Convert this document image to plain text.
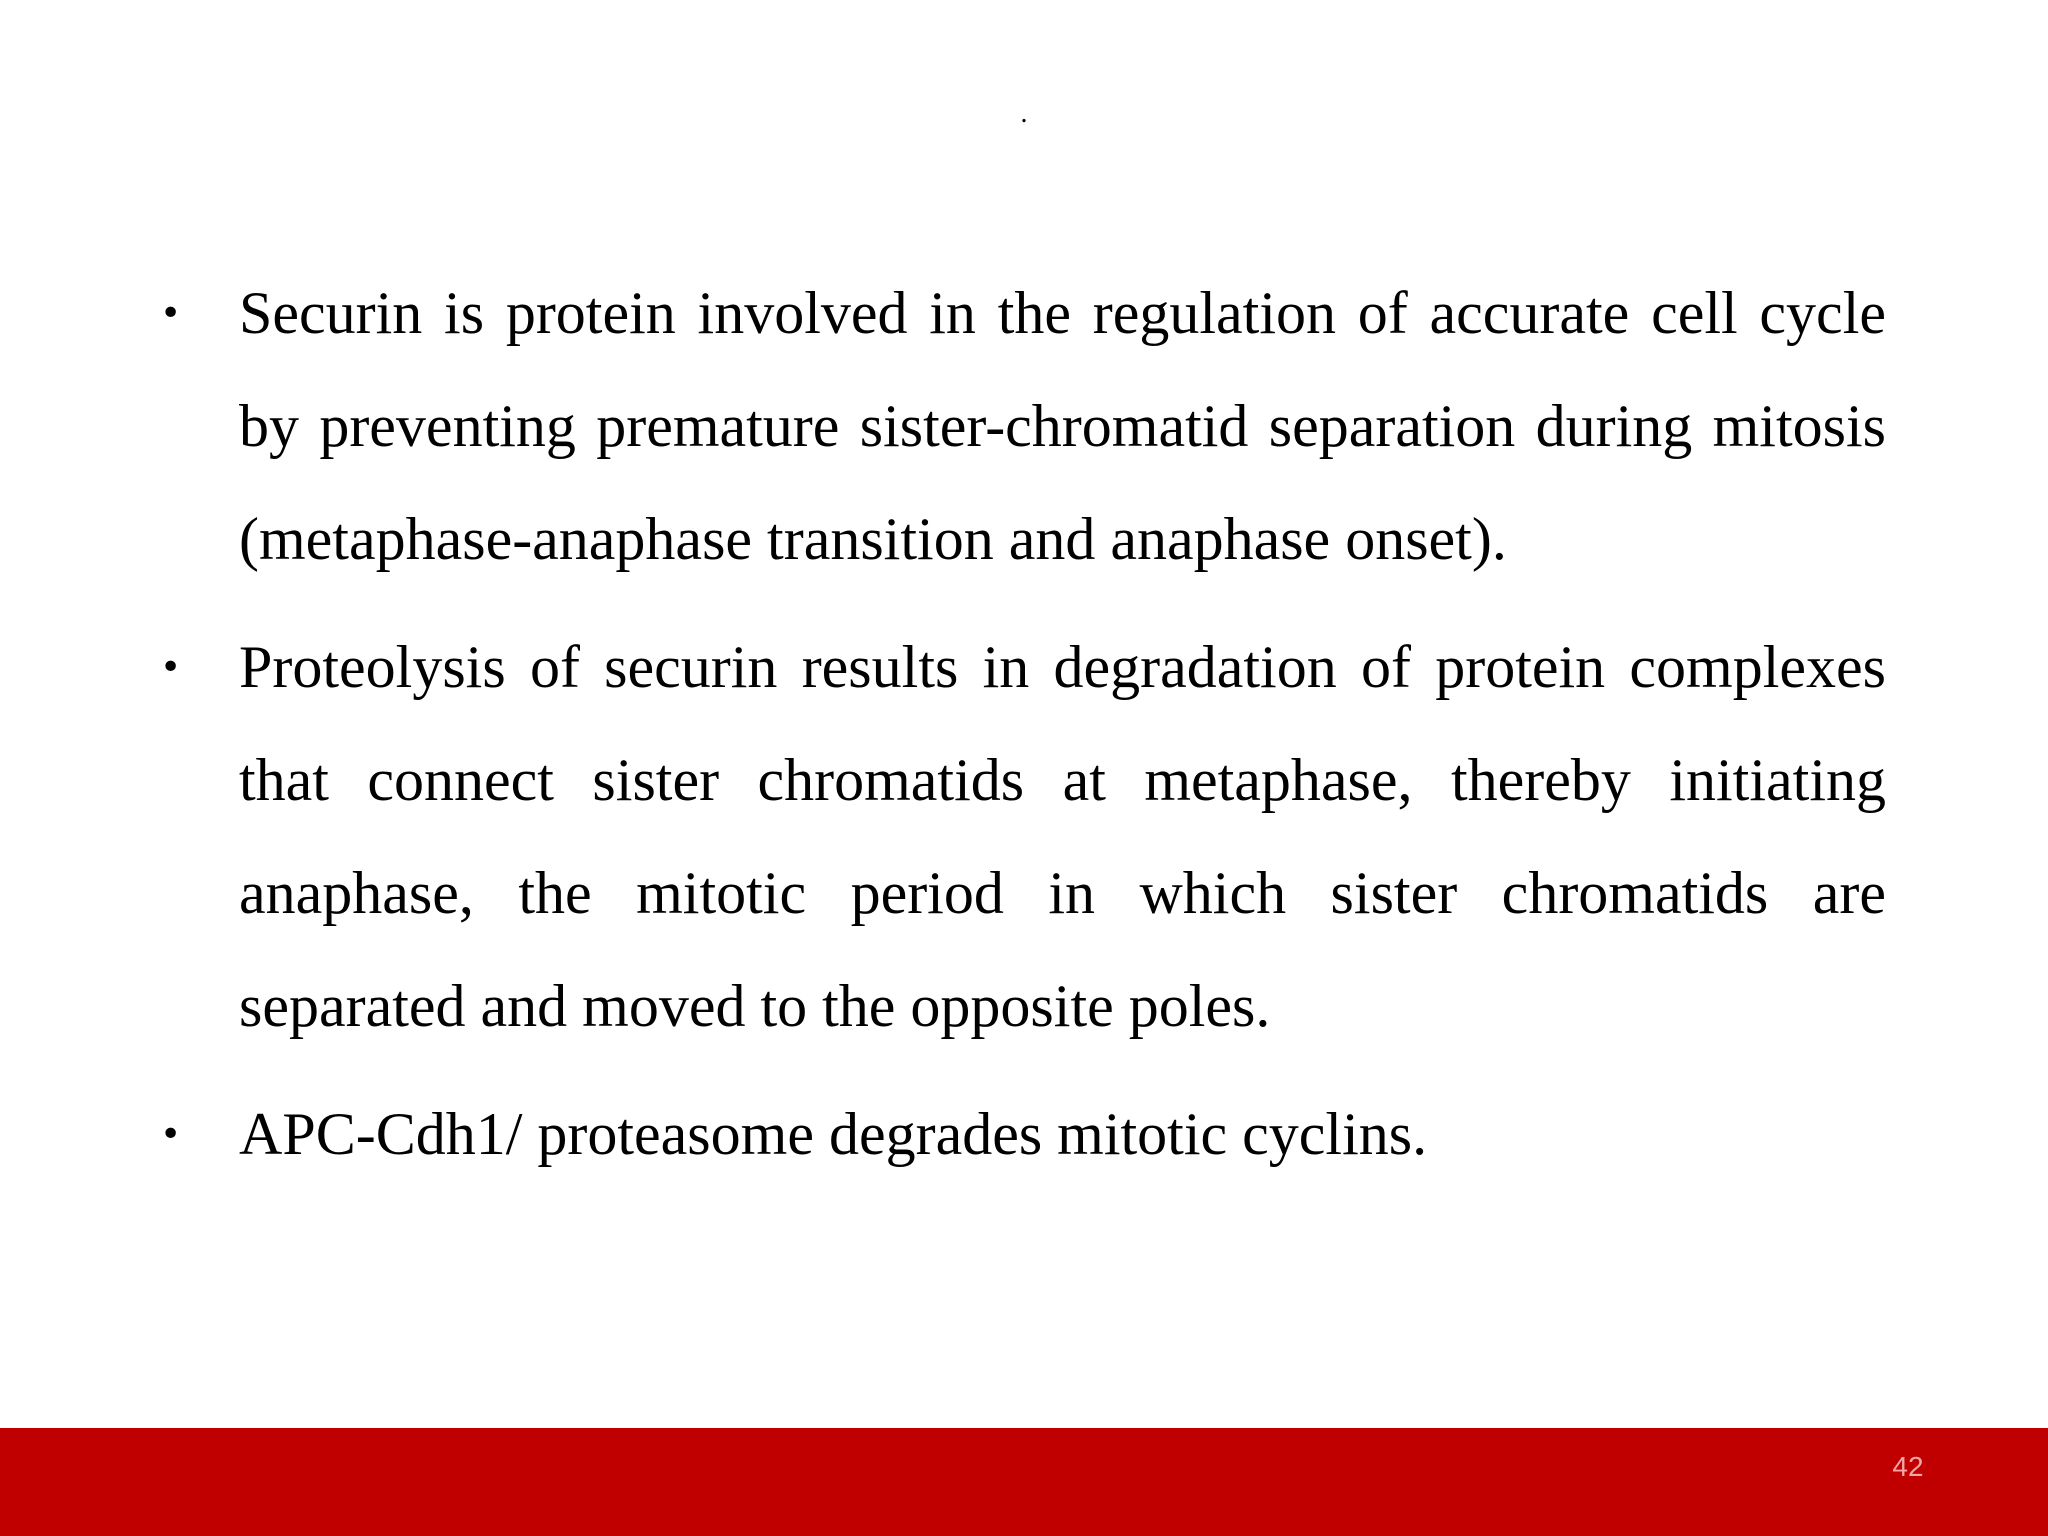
.
• Securin is protein involved in the regulation of accurate cell cycle by preventing premature sister-chromatid separation during mitosis (metaphase-anaphase transition and anaphase onset).
• Proteolysis of securin results in degradation of protein complexes that connect sister chromatids at metaphase, thereby initiating anaphase, the mitotic period in which sister chromatids are separated and moved to the opposite poles.
• APC-Cdh1/ proteasome degrades mitotic cyclins.
42
